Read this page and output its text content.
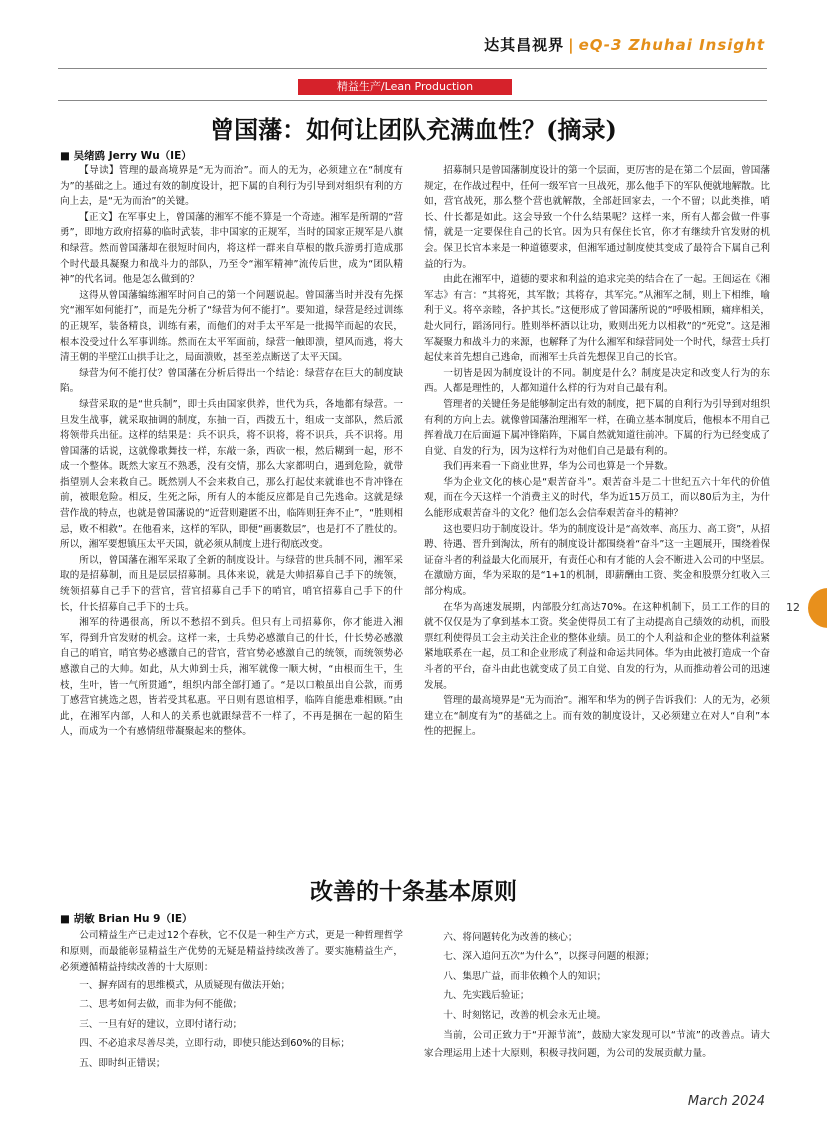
达其昌视界 | eQ-3 Zhuhai Insight
精益生产/Lean Production
曾国藩：如何让团队充满血性？(摘录)
■ 吴绪鸥 Jerry Wu（IE）

【导读】管理的最高境界是“无为而治”。而人的无为，必须建立在“制度有为”的基础之上。通过有效的制度设计，把下属的自利行为引导到对组织有利的方向上去，是“无为而治”的关键。

【正文】在军事史上，曾国藩的湘军不能不算是一个奇迹。湘军是所谓的“营勇”，即地方政府招募的临时武装，非中国家的正规军，当时的国家正规军是八旗和绿营。然而曾国藩却在很短时间内，将这样一群来自草根的散兵游勇打造成那个时代最具凝聚力和战斗力的部队，乃至令“湘军精神”流传后世，成为“团队精神”的代名词。他是怎么做到的？

这得从曾国藩编练湘军时问自己的第一个问题说起。曾国藩当时并没有先探究“湘军如何能打”，而是先分析了“绿营为何不能打”。要知道，绿营是经过训练的正规军，装备精良，训练有素，而他们的对手太平军是一批揭竿而起的农民，根本没受过什么军事训练。然而在太平军面前，绿营一触即溃，望风而逃，将大清王朝的半壁江山拱手让之，局面溃败，甚至差点断送了太平天国。

绿营为何不能打仗？曾国藩在分析后得出一个结论：绿营存在巨大的制度缺陷。

绿营采取的是“世兵制”，即士兵由国家供养，世代为兵，各地都有绿营。一旦发生战事，就采取抽调的制度，东抽一百，西拨五十，组成一支部队，然后派将领带兵出征。这样的结果是：兵不识兵，将不识将，将不识兵，兵不识将。用曾国藩的话说，这就像歌舞技一样，东敲一条，西砍一根，然后糊到一起，形不成一个整体。既然大家互不熟悉，没有交情，那么大家都明白，遇到危险，就带指望别人会来救自己。既然别人不会来救自己，那么打起仗来就谁也不肯冲锋在前，被眼危险。相反，生死之际，所有人的本能反应都是自己先逃命。这就是绿营作战的特点，也就是曾国藩说的“近营则避匿不出，临阵则狂奔不止”，“胜则相忌，败不相救”。在他看来，这样的军队，即便“画裹数层”，也是打不了胜仗的。所以，湘军要想镇压太平天国，就必须从制度上进行彻底改变。

所以，曾国藩在湘军采取了全新的制度设计。与绿营的世兵制不同，湘军采取的是招募制，而且是层层招募制。具体来说，就是大帅招募自己手下的统领，统领招募自己手下的营官，营官招募自己手下的哨官，哨官招募自己手下的什长，什长招募自己手下的士兵。

湘军的待遇很高，所以不愁招不到兵。但只有上司招募你，你才能进入湘军，得到升官发财的机会。这样一来，士兵势必感激自己的什长，什长势必感激自己的哨官，哨官势必感激自己的营官，营官势必感激自己的统领，而统领势必感激自己的大帅。如此，从大帅到士兵，湘军就像一顺大树，“由根而生干，生枝，生叶，皆一气所贯通”，组织内部全部打通了。“是以口粮虽出自公款，而勇丁感营官挑选之恩，皆若受其私惠。平日则有恩谊相孚，临阵自能患难相顾。”由此，在湘军内部，人和人的关系也就跟绿营不一样了，不再是捆在一起的陌生人，而成为一个有感情纽带凝聚起来的整体。

招募制只是曾国藩制度设计的第一个层面，更厉害的是在第二个层面，曾国藩规定，在作战过程中，任何一级军官一旦战死，那么他手下的军队便就地解散。比如，营官战死，那么整个营也就解散，全部赶回家去，一个不留；以此类推，哨长、什长都是如此。这会导致一个什么结果呢？这样一来，所有人都会做一件事情，就是一定要保住自己的长官。因为只有保住长官，你才有继续升官发财的机会。保卫长官本来是一种道德要求，但湘军通过制度使其变成了最符合下属自己利益的行为。

由此在湘军中，道德的要求和利益的追求完美的结合在了一起。王闿运在《湘军志》有言：“其将死，其军散；其将存，其军完。”从湘军之制，则上下相维，喻利于义。将卒亲睦，各护其长。”这便形成了曾国藩所说的“呼吸相顾，痛痒相关，赴火同行，蹈汤同行。胜则举杯酒以让功，败则出死力以相救”的“死党”。这是湘军凝聚力和战斗力的来源，也解释了为什么湘军和绿营同处一个时代，绿营士兵打起仗来首先想自己逃命，而湘军士兵首先想保卫自己的长官。

一切皆是因为制度设计的不同。制度是什么？制度是决定和改变人行为的东西。人都是理性的，人都知道什么样的行为对自己最有利。

管理者的关键任务是能够制定出有效的制度，把下属的自利行为引导到对组织有利的方向上去。就像曾国藩治理湘军一样，在确立基本制度后，他根本不用自己挥着战刀在后面逼下属冲锋陷阵，下属自然就知道往前冲。下属的行为已经变成了自觉、自发的行为，因为这样行为对他们自己是最有利的。

我们再来看一下商业世界，华为公司也算是一个异数。

华为企业文化的核心是“艰苦奋斗”。艰苦奋斗是二十世纪五六十年代的价值观，而在今天这样一个消费主义的时代，华为近15万员工，而以80后为主，为什么能形成艰苦奋斗的文化？他们怎么会信奉艰苦奋斗的精神？

这也要归功于制度设计。华为的制度设计是“高效率、高压力、高工资”，从招聘、待遇、晋升到淘汰，所有的制度设计都围绕着“奋斗”这一主题展开，围绕着保证奋斗者的利益最大化而展开，有责任心和有才能的人会不断进入公司的中坚层。在激励方面，华为采取的是“1+1的机制，即薪酬由工资、奖金和股票分红收入三部分构成。

在华为高速发展期，内部股分红高达70%。在这种机制下，员工工作的目的就不仅仅是为了拿到基本工资。奖金使得员工有了主动提高自己绩效的动机，而股票红利使得员工会主动关注企业的整体业绩。员工的个人利益和企业的整体利益紧紧地联系在一起，员工和企业形成了利益和命运共同体。华为由此被打造成一个奋斗者的平台，奋斗由此也就变成了员工自觉、自发的行为，从而推动着公司的迅速发展。

管理的最高境界是“无为而治”。湘军和华为的例子告诉我们：人的无为，必须建立在“制度有为”的基础之上。而有效的制度设计，又必须建立在对人“自利”本性的把握上。

改善的十条基本原则
■ 胡敏 Brian Hu 9（IE）

公司精益生产已走过12个春秋，它不仅是一种生产方式，更是一种哲理哲学和原则，而最能彰显精益生产优势的无疑是精益持续改善了。要实施精益生产，必须遵循精益持续改善的十大原则：

一、摒弃固有的思维模式，从质疑现有做法开始；

二、思考如何去做，而非为何不能做；

三、一旦有好的建议，立即付诸行动；

四、不必追求尽善尽美，立即行动，即使只能达到60%的目标；

五、即时纠正错误；

六、将问题转化为改善的核心；

七、深入追问五次“为什么”，以探寻问题的根源；

八、集思广益，而非依赖个人的知识；

九、先实践后验证；

十、时刻铭记，改善的机会永无止境。

当前，公司正致力于“开源节流”，鼓励大家发现可以“节流”的改善点。请大家合理运用上述十大原则，积极寻找问题，为公司的发展贡献力量。

12
March 2024
